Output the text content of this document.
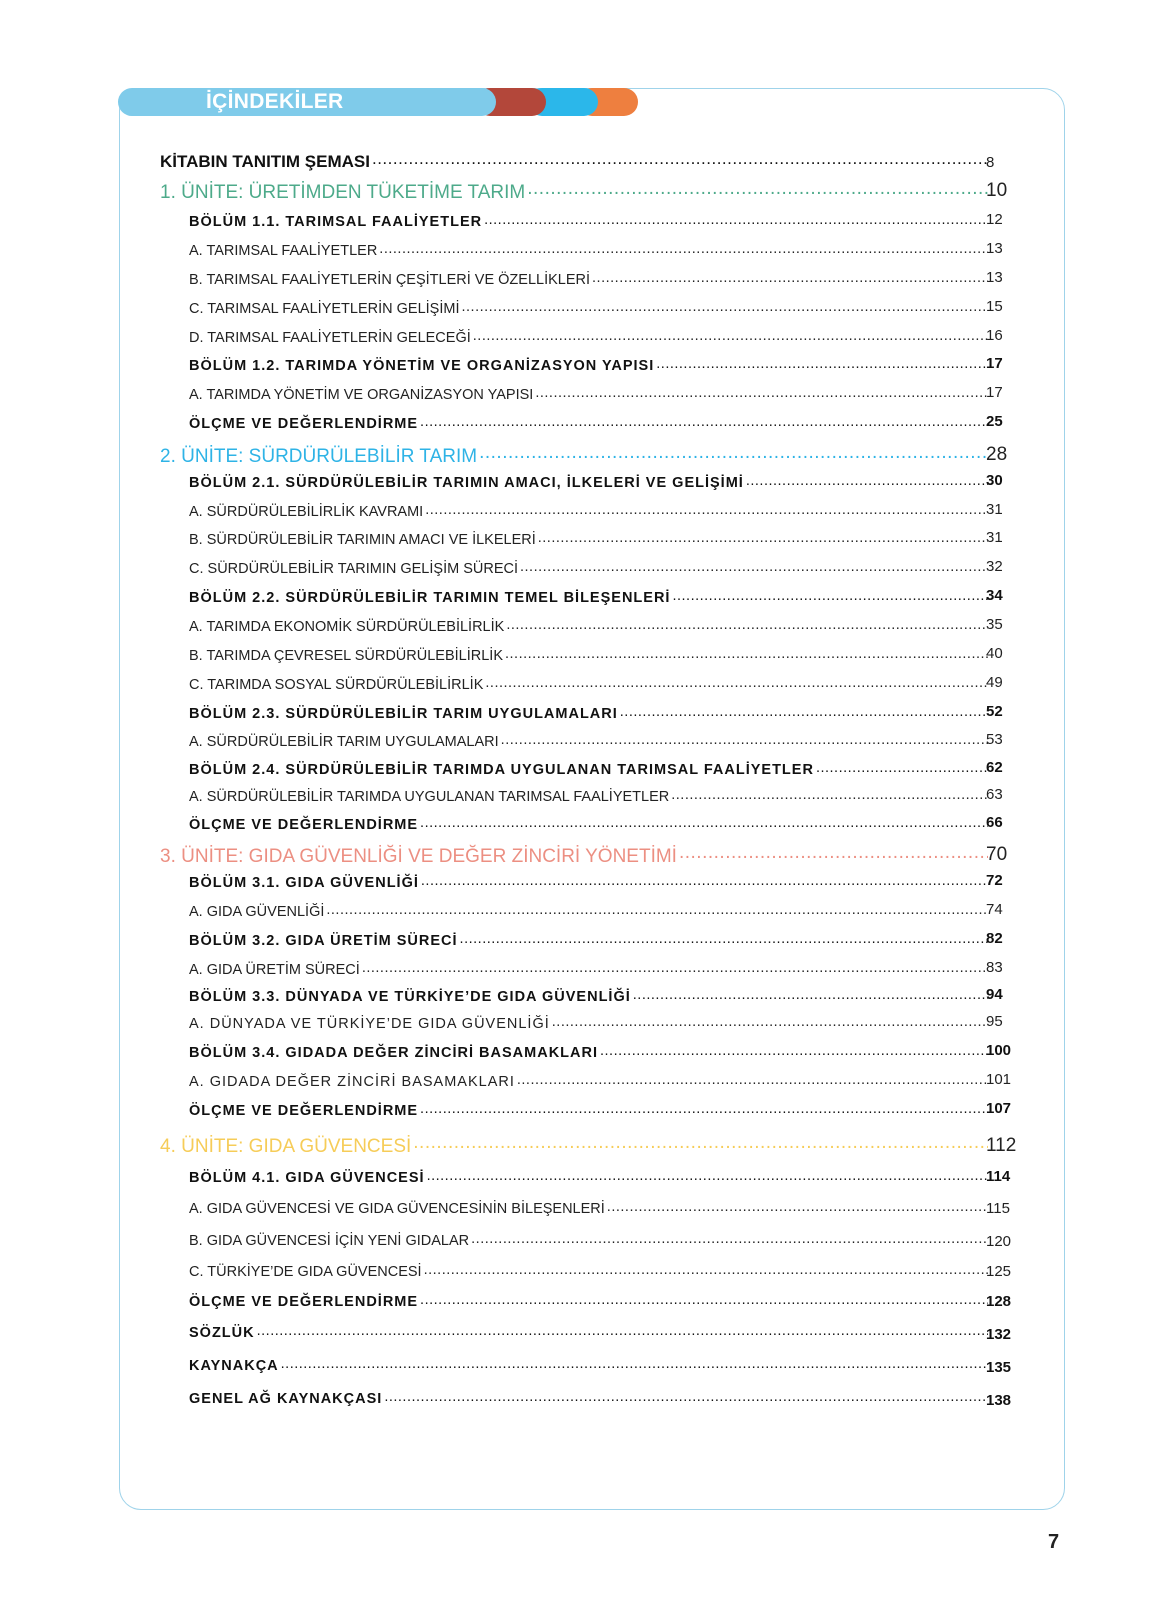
İÇİNDEKİLER
KİTABIN TANITIM ŞEMASI .....	8
1. ÜNİTE: ÜRETİMDEN TÜKETİME TARIM .....	10
BÖLÜM 1.1. TARIMSAL FAALİYETLER .....	12
A. TARIMSAL FAALİYETLER .....	13
B. TARIMSAL FAALİYETLERİN ÇEŞİTLERİ VE ÖZELLİKLERİ .....	13
C. TARIMSAL FAALİYETLERİN GELİŞİMİ .....	15
D. TARIMSAL FAALİYETLERİN GELECEĞİ .....	16
BÖLÜM 1.2. TARIMDA YÖNETİM VE ORGANİZASYON YAPISI .....	17
A. TARIMDA YÖNETİM VE ORGANİZASYON YAPISI .....	17
ÖLÇME VE DEĞERLENDİRME .....	25
2. ÜNİTE: SÜRDÜRÜLEBİLİR TARIM .....	28
BÖLÜM 2.1. SÜRDÜRÜLEBİLİR TARIMIN AMACI, İLKELERİ VE GELİŞİMİ .....	30
A. SÜRDÜRÜLEBİLİRLİK KAVRAMI .....	31
B. SÜRDÜRÜLEBİLİR TARIMIN AMACI VE İLKELERİ .....	31
C. SÜRDÜRÜLEBİLİR TARIMIN GELİŞİM SÜRECİ .....	32
BÖLÜM 2.2. SÜRDÜRÜLEBİLİR TARIMIN TEMEL BİLEŞENLERİ .....	34
A. TARIMDA EKONOMİK SÜRDÜRÜLEBİLİRLİK .....	35
B. TARIMDA ÇEVRESEL SÜRDÜRÜLEBİLİRLİK .....	40
C. TARIMDA SOSYAL SÜRDÜRÜLEBİLİRLİK .....	49
BÖLÜM 2.3. SÜRDÜRÜLEBİLİR TARIM UYGULAMALARI .....	52
A. SÜRDÜRÜLEBİLİR TARIM UYGULAMALARI .....	53
BÖLÜM 2.4. SÜRDÜRÜLEBİLİR TARIMDA UYGULANAN TARIMSAL FAALİYETLER .....	62
A. SÜRDÜRÜLEBİLİR TARIMDA UYGULANAN TARIMSAL FAALİYETLER .....	63
ÖLÇME VE DEĞERLENDİRME .....	66
3. ÜNİTE: GIDA GÜVENLİĞİ VE DEĞER ZİNCİRİ YÖNETİMİ .....	70
BÖLÜM 3.1. GIDA GÜVENLİĞİ .....	72
A. GIDA GÜVENLİĞİ .....	74
BÖLÜM 3.2. GIDA ÜRETİM SÜRECİ .....	82
A. GIDA ÜRETİM SÜRECİ .....	83
BÖLÜM 3.3. DÜNYADA VE TÜRKİYE’DE GIDA GÜVENLİĞİ .....	94
A. DÜNYADA VE TÜRKİYE’DE GIDA GÜVENLİĞİ .....	95
BÖLÜM 3.4. GIDADA DEĞER ZİNCİRİ BASAMAKLARI .....	100
A. GIDADA DEĞER ZİNCİRİ BASAMAKLARI .....	101
ÖLÇME VE DEĞERLENDİRME .....	107
4. ÜNİTE: GIDA GÜVENCESİ .....	112
BÖLÜM 4.1. GIDA GÜVENCESİ .....	114
A. GIDA GÜVENCESİ VE GIDA GÜVENCESİNİN BİLEŞENLERİ .....	115
B. GIDA GÜVENCESİ İÇİN YENİ GIDALAR .....	120
C. TÜRKİYE’DE GIDA GÜVENCESİ .....	125
ÖLÇME VE DEĞERLENDİRME .....	128
SÖZLÜK .....	132
KAYNAKÇA .....	135
GENEL AĞ KAYNAKÇASI .....	138
7
